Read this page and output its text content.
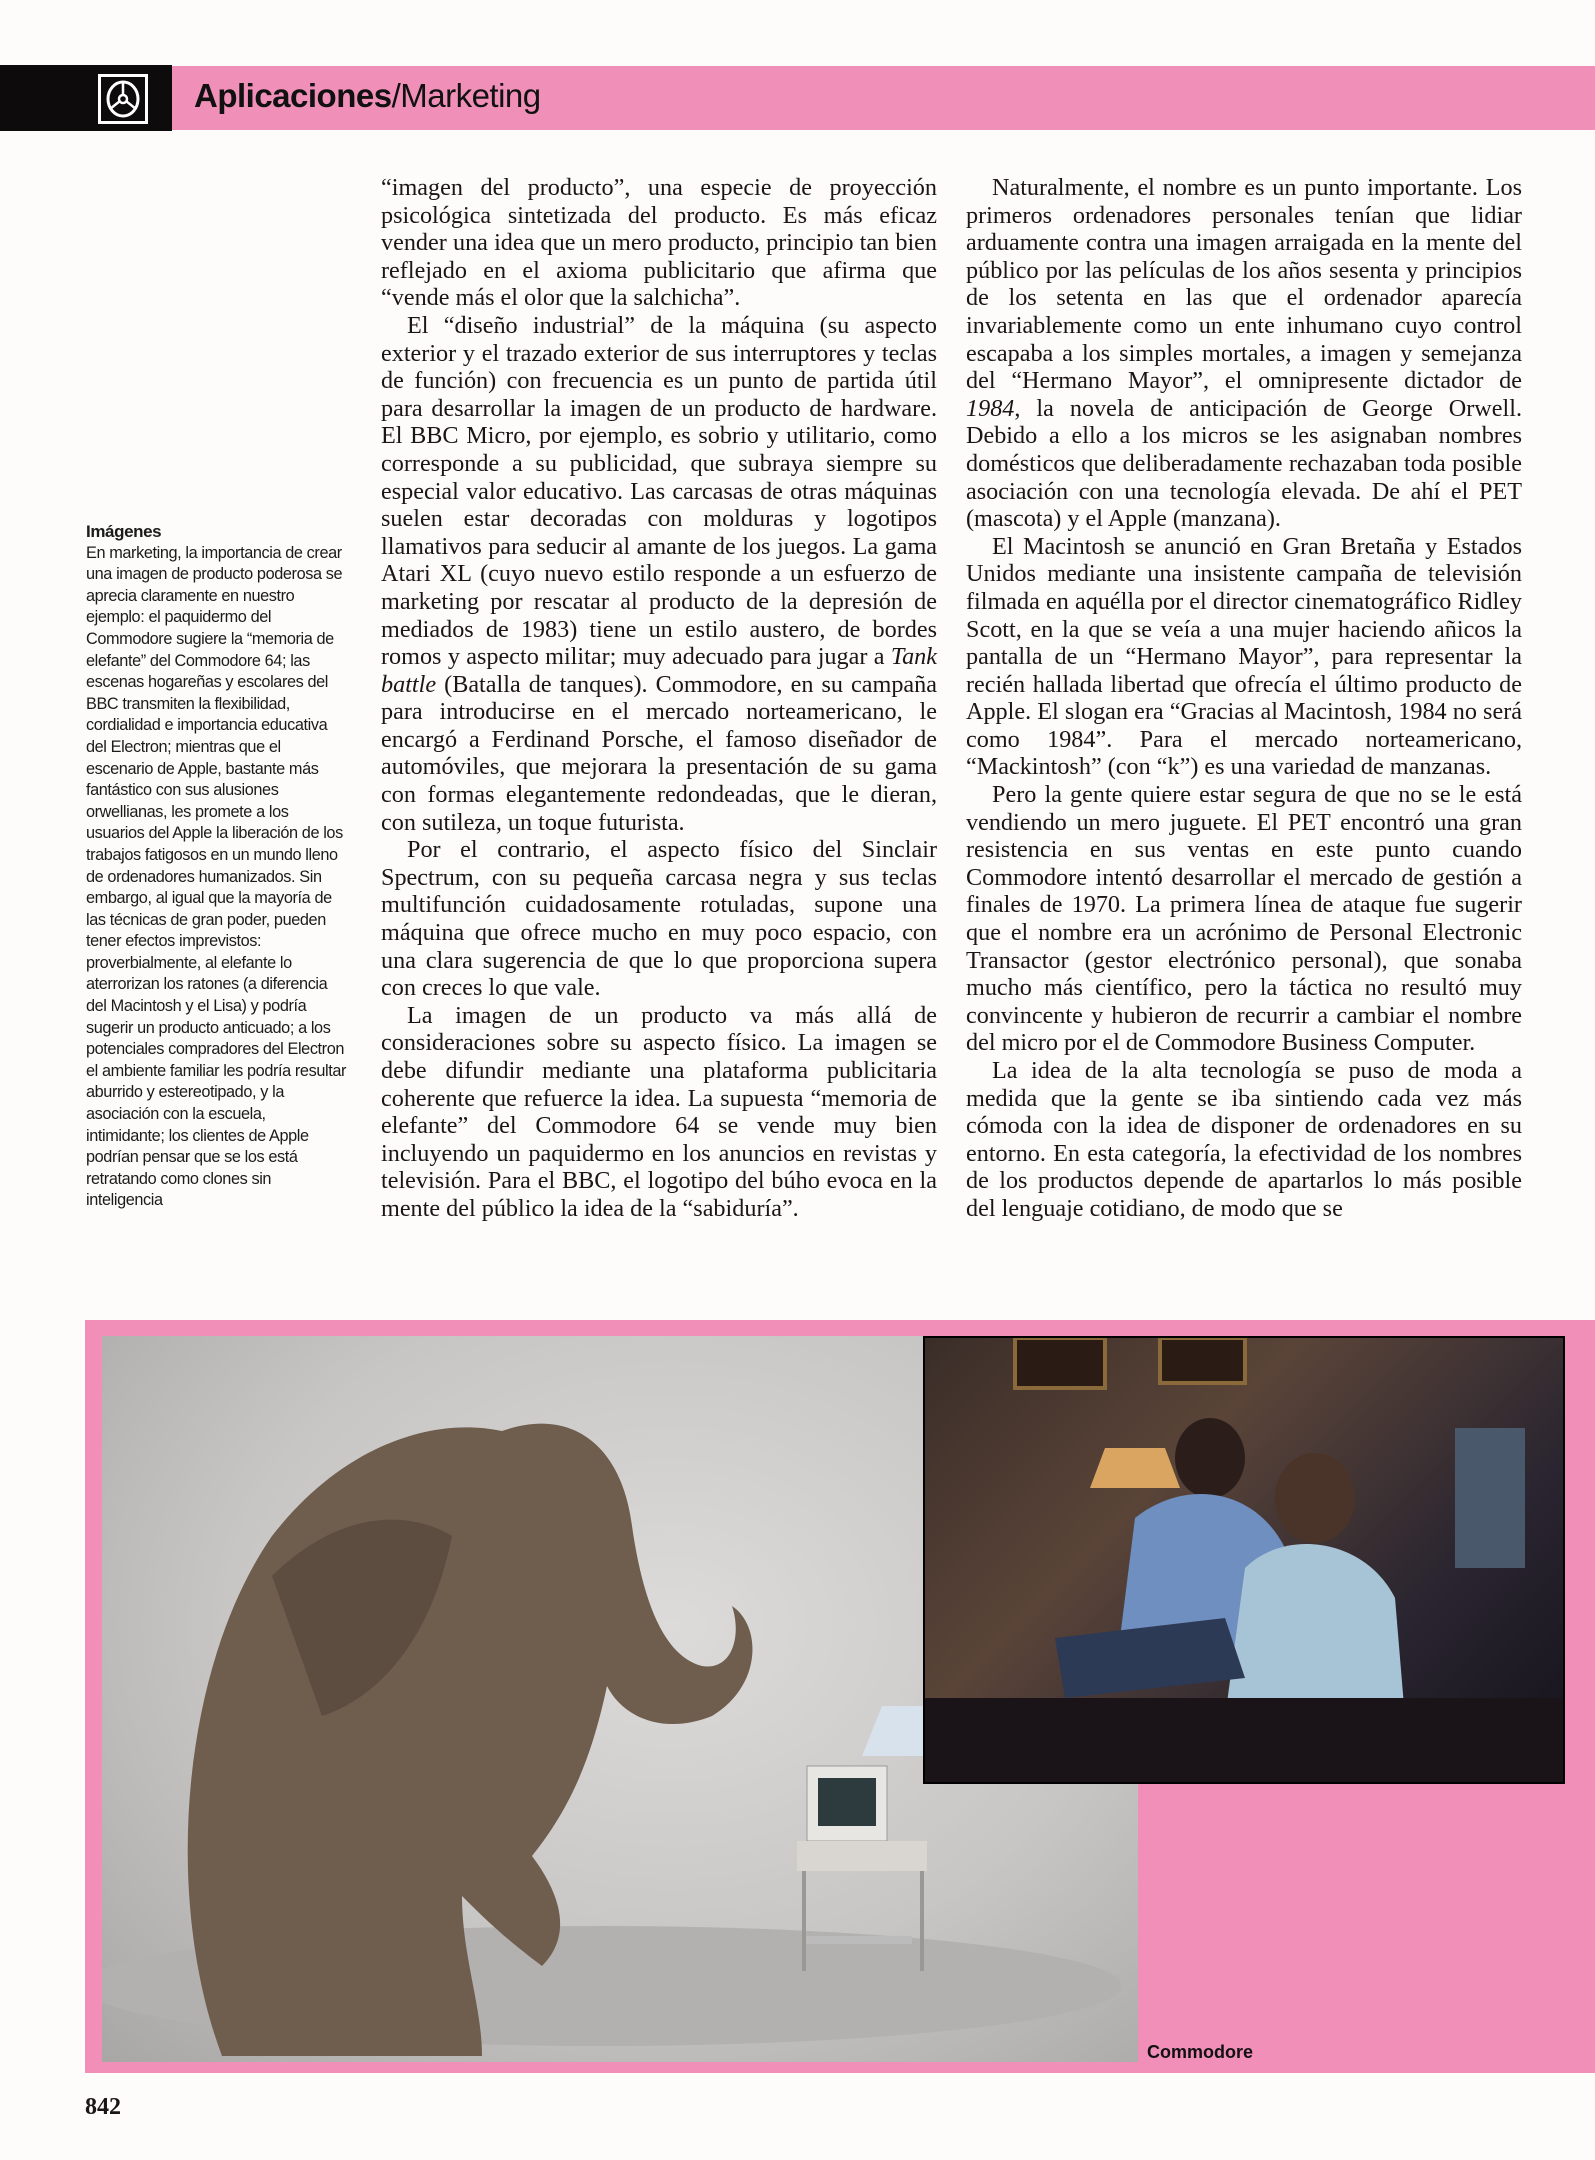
Aplicaciones/Marketing
Imágenes

En marketing, la importancia de crear una imagen de producto poderosa se aprecia claramente en nuestro ejemplo: el paquidermo del Commodore sugiere la “memoria de elefante” del Commodore 64; las escenas hogareñas y escolares del BBC transmiten la flexibilidad, cordialidad e importancia educativa del Electron; mientras que el escenario de Apple, bastante más fantástico con sus alusiones orwellianas, les promete a los usuarios del Apple la liberación de los trabajos fatigosos en un mundo lleno de ordenadores humanizados. Sin embargo, al igual que la mayoría de las técnicas de gran poder, pueden tener efectos imprevistos: proverbialmente, al elefante lo aterrorizan los ratones (a diferencia del Macintosh y el Lisa) y podría sugerir un producto anticuado; a los potenciales compradores del Electron el ambiente familiar les podría resultar aburrido y estereotipado, y la asociación con la escuela, intimidante; los clientes de Apple podrían pensar que se los está retratando como clones sin inteligencia

“imagen del producto”, una especie de proyección psicológica sintetizada del producto. Es más eficaz vender una idea que un mero producto, principio tan bien reflejado en el axioma publicitario que afirma que “vende más el olor que la salchicha”.

El “diseño industrial” de la máquina (su aspecto exterior y el trazado exterior de sus interruptores y teclas de función) con frecuencia es un punto de partida útil para desarrollar la imagen de un producto de hardware. El BBC Micro, por ejemplo, es sobrio y utilitario, como corresponde a su publicidad, que subraya siempre su especial valor educativo. Las carcasas de otras máquinas suelen estar decoradas con molduras y logotipos llamativos para seducir al amante de los juegos. La gama Atari XL (cuyo nuevo estilo responde a un esfuerzo de marketing por rescatar al producto de la depresión de mediados de 1983) tiene un estilo austero, de bordes romos y aspecto militar; muy adecuado para jugar a Tank battle (Batalla de tanques). Commodore, en su campaña para introducirse en el mercado norteamericano, le encargó a Ferdinand Porsche, el famoso diseñador de automóviles, que mejorara la presentación de su gama con formas elegantemente redondeadas, que le dieran, con sutileza, un toque futurista.

Por el contrario, el aspecto físico del Sinclair Spectrum, con su pequeña carcasa negra y sus teclas multifunción cuidadosamente rotuladas, supone una máquina que ofrece mucho en muy poco espacio, con una clara sugerencia de que lo que proporciona supera con creces lo que vale.

La imagen de un producto va más allá de consideraciones sobre su aspecto físico. La imagen se debe difundir mediante una plataforma publicitaria coherente que refuerce la idea. La supuesta “memoria de elefante” del Commodore 64 se vende muy bien incluyendo un paquidermo en los anuncios en revistas y televisión. Para el BBC, el logotipo del búho evoca en la mente del público la idea de la “sabiduría”.

Naturalmente, el nombre es un punto importante. Los primeros ordenadores personales tenían que lidiar arduamente contra una imagen arraigada en la mente del público por las películas de los años sesenta y principios de los setenta en las que el ordenador aparecía invariablemente como un ente inhumano cuyo control escapaba a los simples mortales, a imagen y semejanza del “Hermano Mayor”, el omnipresente dictador de 1984, la novela de anticipación de George Orwell. Debido a ello a los micros se les asignaban nombres domésticos que deliberadamente rechazaban toda posible asociación con una tecnología elevada. De ahí el PET (mascota) y el Apple (manzana).

El Macintosh se anunció en Gran Bretaña y Estados Unidos mediante una insistente campaña de televisión filmada en aquélla por el director cinematográfico Ridley Scott, en la que se veía a una mujer haciendo añicos la pantalla de un “Hermano Mayor”, para representar la recién hallada libertad que ofrecía el último producto de Apple. El slogan era “Gracias al Macintosh, 1984 no será como 1984”. Para el mercado norteamericano, “Mackintosh” (con “k”) es una variedad de manzanas.

Pero la gente quiere estar segura de que no se le está vendiendo un mero juguete. El PET encontró una gran resistencia en sus ventas en este punto cuando Commodore intentó desarrollar el mercado de gestión a finales de 1970. La primera línea de ataque fue sugerir que el nombre era un acrónimo de Personal Electronic Transactor (gestor electrónico personal), que sonaba mucho más científico, pero la táctica no resultó muy convincente y hubieron de recurrir a cambiar el nombre del micro por el de Commodore Business Computer.

La idea de la alta tecnología se puso de moda a medida que la gente se iba sintiendo cada vez más cómoda con la idea de disponer de ordenadores en su entorno. En esta categoría, la efectividad de los nombres de los productos depende de apartarlos lo más posible del lenguaje cotidiano, de modo que se

Commodore
842
